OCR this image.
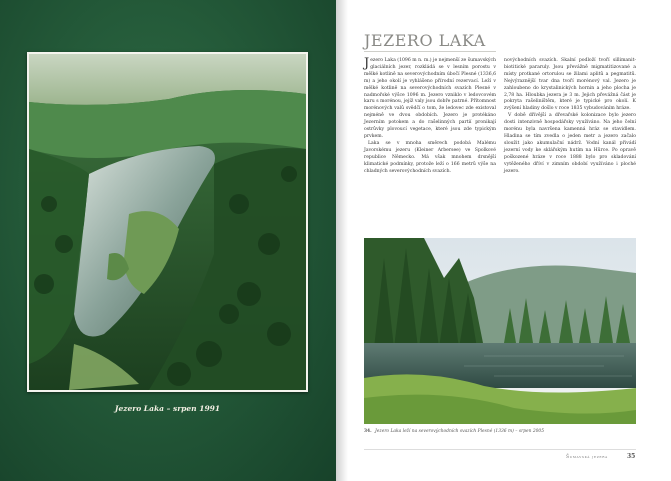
Jezero Laka – srpen 1991
JEZERO LAKA

Jezero Laka (1096 m n. m.) je nejmenší ze šumavských glaciálních jezer, rozkládá se v lesním porostu v mělké kotlině na severovýchodním úbočí Plesné (1336,6 m) a jeho okolí je vyhlášeno přírodní rezervací. Leží v mělké kotlině na severovýchodních svazích Plesné v nadmořské výšce 1096 m. Jezero vzniklo v ledovcovém karu s morénou, jejíž valy jsou dobře patrné. Přítomnost morénových valů svědčí o tom, že ledovec zde existoval nejméně ve dvou obdobích. Jezero je protékáno Jezerním potokem a do rašelinných partií pronikají ostrůvky plovoucí vegetace, které jsou zde typickým prvkem.

Laka se v mnoha směrech podobá Malému Javorskému jezeru (Kleiner Arbersee) ve Spolkové republice Německo. Má však mnohem drsnější klimatické podmínky, protože leží o 166 metrů výše na chladných severovýchodních svazích.

novýchodních svazích. Skalní podloží tvoří sillimanit-biotitické pararuly. Jsou převážně migmatitizované a místy protkané ortorulou se žilami aplitů a pegmatitů. Nejvýraznější tvar dna tvoří morénový val. Jezero je zahloubeno do krystalinických hornin a jeho plocha je 2,78 ha. Hloubka jezera je 3 m. Jejich převážná část je pokryta rašeliništěm, které je typické pro okolí. K zvýšení hladiny došlo v roce 1835 vybudováním hráze.

V době dřívější a dřevařské kolonizace bylo jezero dosti intenzivně hospodářsky využíváno. Na jeho čelní morénu byla navršena kamenná hráz se stavidlem. Hladina se tím zvedla o jeden metr a jezero začalo sloužit jako akumulační nádrž. Vodní kanál přivádí jezerní vody ke sklářským hutím na Hůrce. Po opravě poškozené hráze v roce 1888 bylo pro skladování vytěženého dříví v zimním období využíváno i ploché jezero.

34. Jezero Laka leží na severovýchodních svazích Plesné (1336 m) – srpen 2005
Šumavská jezera	35
